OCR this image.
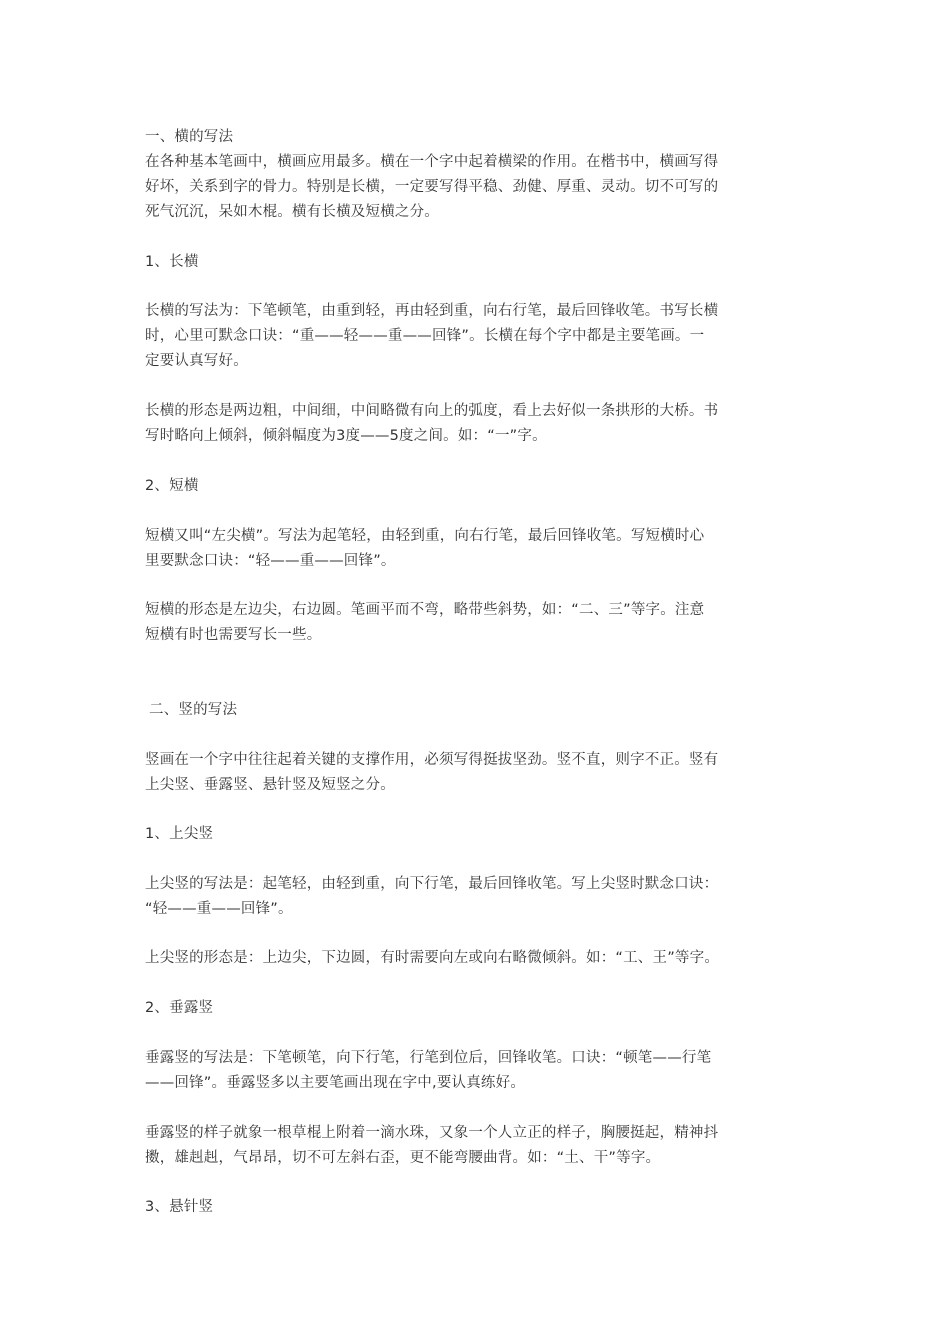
一、横的写法

在各种基本笔画中，横画应用最多。横在一个字中起着横梁的作用。在楷书中，横画写得

好坏，关系到字的骨力。特别是长横，一定要写得平稳、劲健、厚重、灵动。切不可写的

死气沉沉，呆如木棍。横有长横及短横之分。

1、长横

长横的写法为：下笔顿笔，由重到轻，再由轻到重，向右行笔，最后回锋收笔。书写长横

时，心里可默念口诀：“重——轻——重——回锋”。长横在每个字中都是主要笔画。一

定要认真写好。

长横的形态是两边粗，中间细，中间略微有向上的弧度，看上去好似一条拱形的大桥。书

写时略向上倾斜，倾斜幅度为3度——5度之间。如：“一”字。

2、短横

短横又叫“左尖横”。写法为起笔轻，由轻到重，向右行笔，最后回锋收笔。写短横时心

里要默念口诀：“轻——重——回锋”。

短横的形态是左边尖，右边圆。笔画平而不弯，略带些斜势，如：“二、三”等字。注意

短横有时也需要写长一些。

二、竖的写法

竖画在一个字中往往起着关键的支撑作用，必须写得挺拔坚劲。竖不直，则字不正。竖有

上尖竖、垂露竖、悬针竖及短竖之分。

1、上尖竖

上尖竖的写法是：起笔轻，由轻到重，向下行笔，最后回锋收笔。写上尖竖时默念口诀：

“轻——重——回锋”。

上尖竖的形态是：上边尖，下边圆，有时需要向左或向右略微倾斜。如：“工、王”等字。

2、垂露竖

垂露竖的写法是：下笔顿笔，向下行笔，行笔到位后，回锋收笔。口诀：“顿笔——行笔

——回锋”。垂露竖多以主要笔画出现在字中,要认真练好。

垂露竖的样子就象一根草棍上附着一滴水珠，又象一个人立正的样子，胸腰挺起，精神抖

擞，雄赳赳，气昂昂，切不可左斜右歪，更不能弯腰曲背。如：“土、干”等字。

3、悬针竖
